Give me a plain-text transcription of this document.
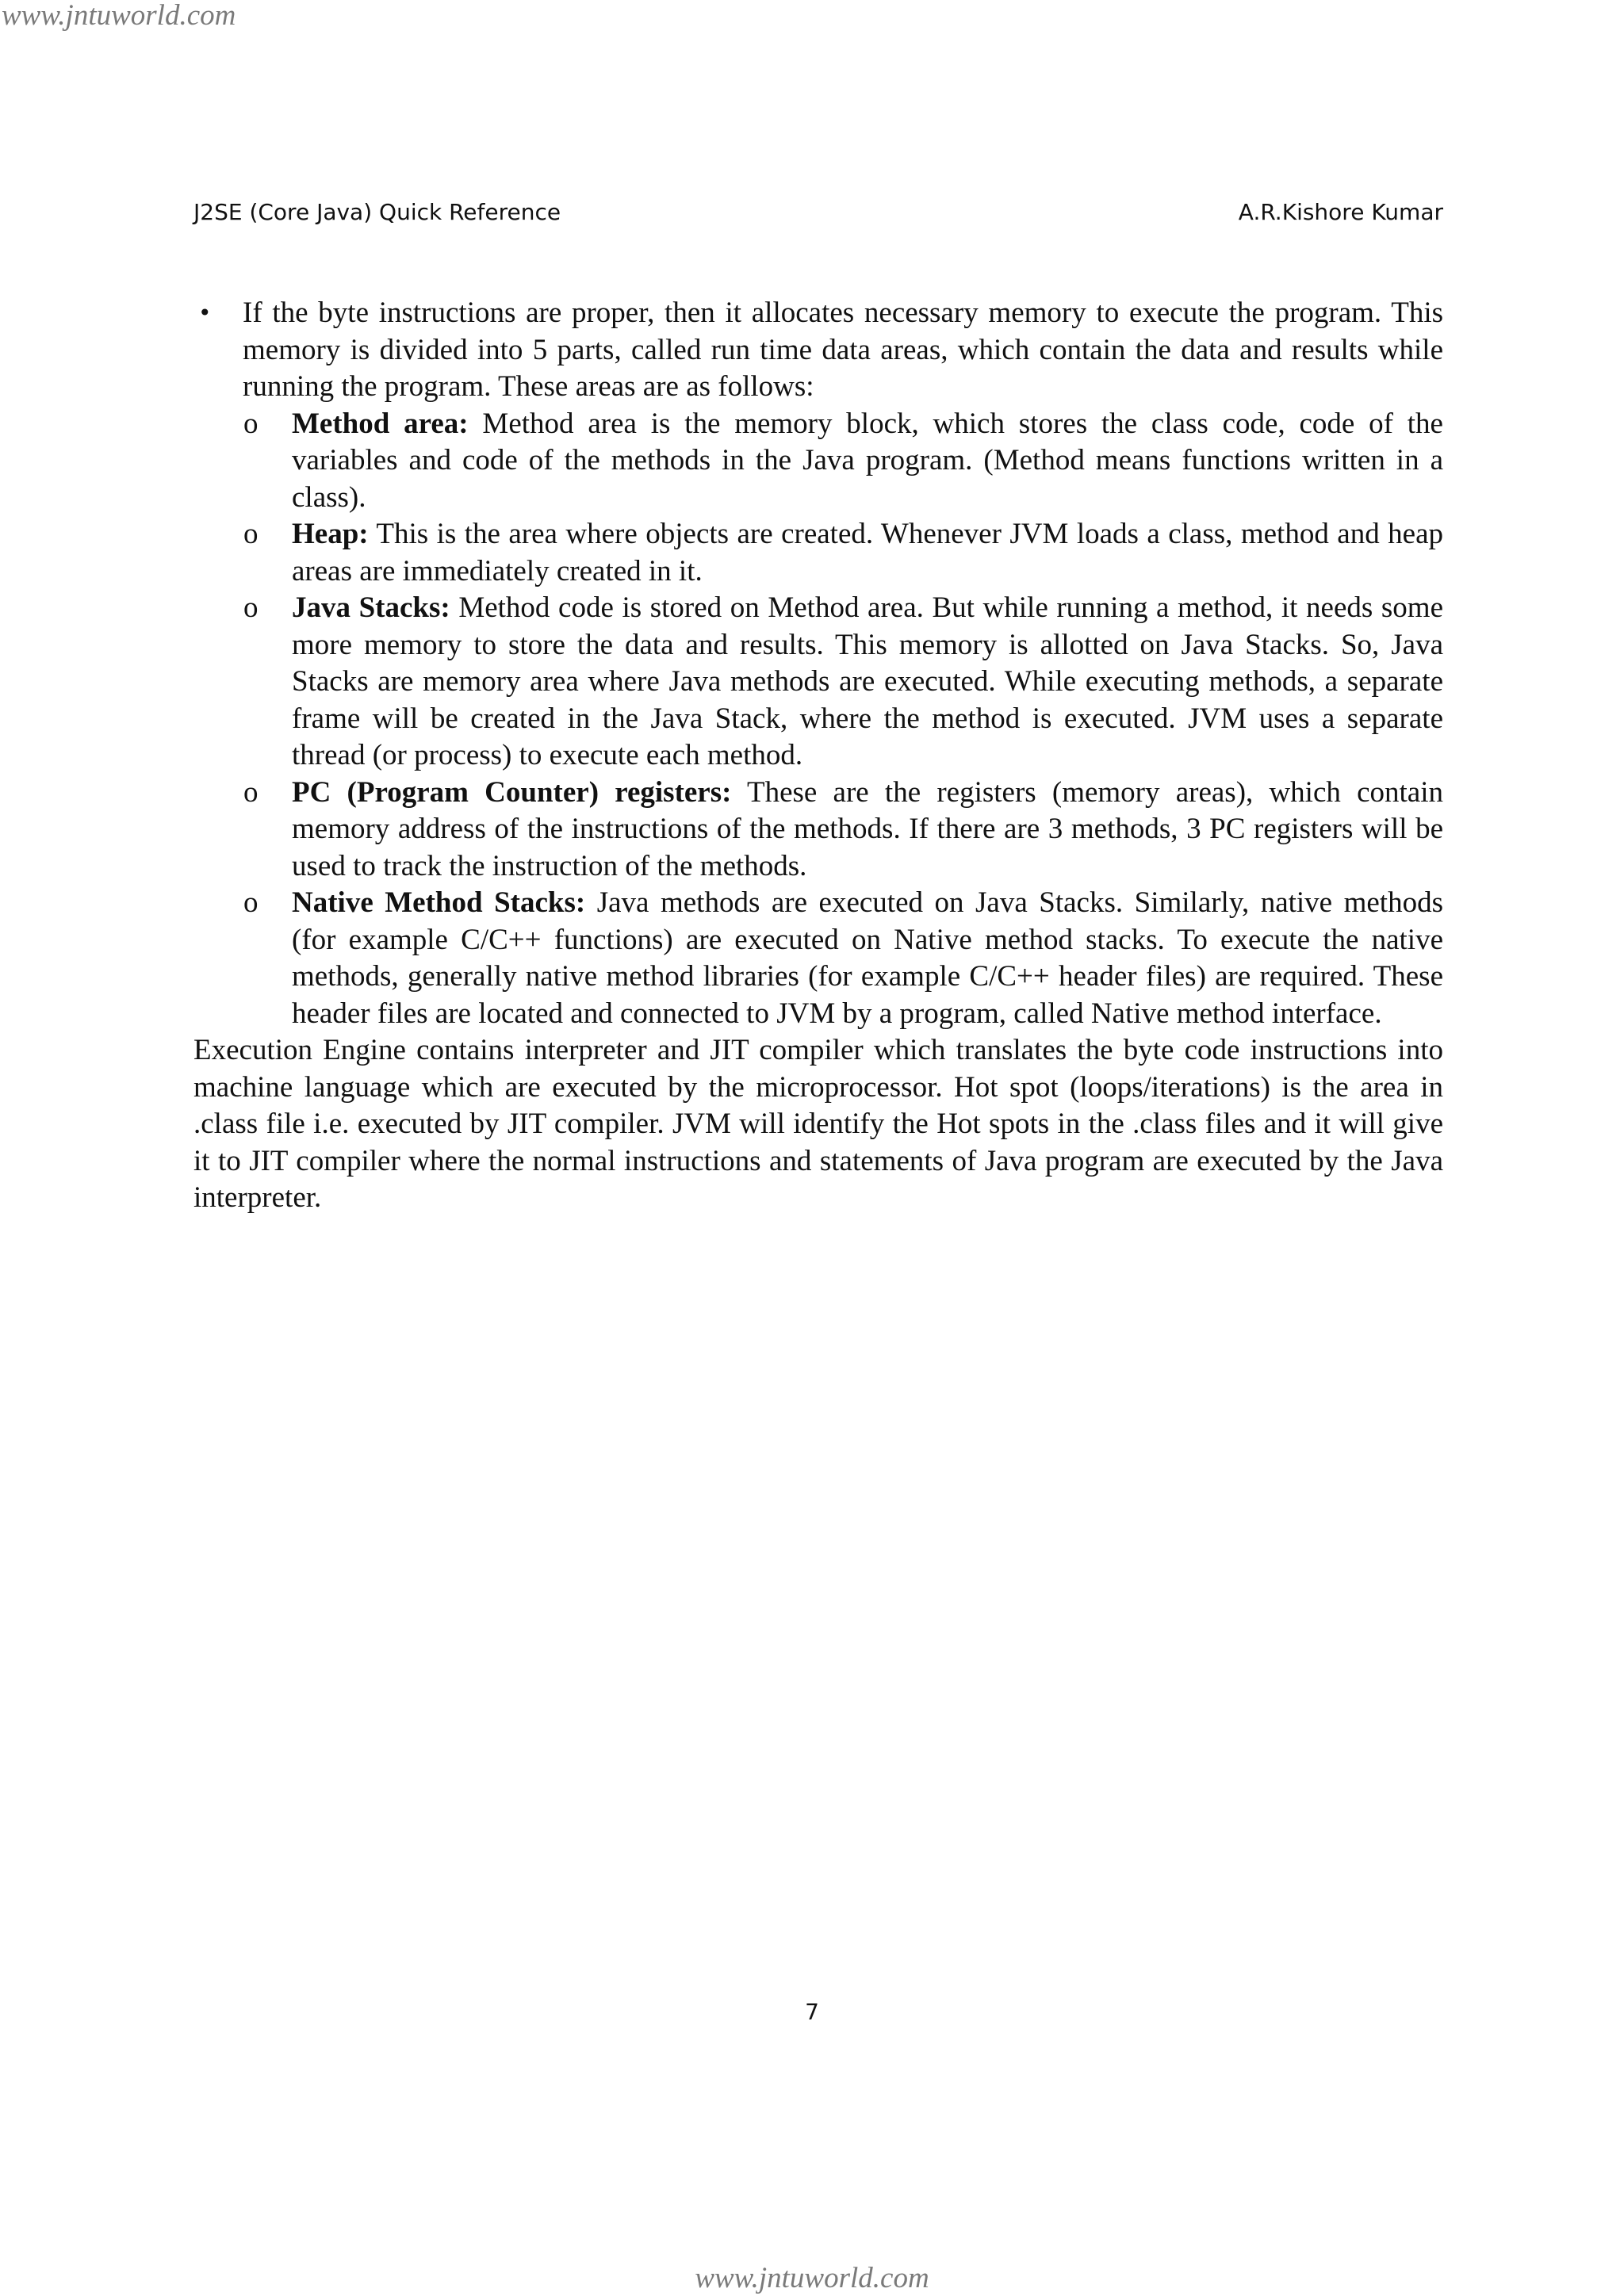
www.jntuworld.com
J2SE (Core Java) Quick Reference	A.R.Kishore Kumar
• If the byte instructions are proper, then it allocates necessary memory to execute the program. This memory is divided into 5 parts, called run time data areas, which contain the data and results while running the program. These areas are as follows:
o Method area: Method area is the memory block, which stores the class code, code of the variables and code of the methods in the Java program. (Method means functions written in a class).
o Heap: This is the area where objects are created. Whenever JVM loads a class, method and heap areas are immediately created in it.
o Java Stacks: Method code is stored on Method area. But while running a method, it needs some more memory to store the data and results. This memory is allotted on Java Stacks. So, Java Stacks are memory area where Java methods are executed. While executing methods, a separate frame will be created in the Java Stack, where the method is executed. JVM uses a separate thread (or process) to execute each method.
o PC (Program Counter) registers: These are the registers (memory areas), which contain memory address of the instructions of the methods. If there are 3 methods, 3 PC registers will be used to track the instruction of the methods.
o Native Method Stacks: Java methods are executed on Java Stacks. Similarly, native methods (for example C/C++ functions) are executed on Native method stacks. To execute the native methods, generally native method libraries (for example C/C++ header files) are required. These header files are located and connected to JVM by a program, called Native method interface.
Execution Engine contains interpreter and JIT compiler which translates the byte code instructions into machine language which are executed by the microprocessor. Hot spot (loops/iterations) is the area in .class file i.e. executed by JIT compiler. JVM will identify the Hot spots in the .class files and it will give it to JIT compiler where the normal instructions and statements of Java program are executed by the Java interpreter.
7
www.jntuworld.com
